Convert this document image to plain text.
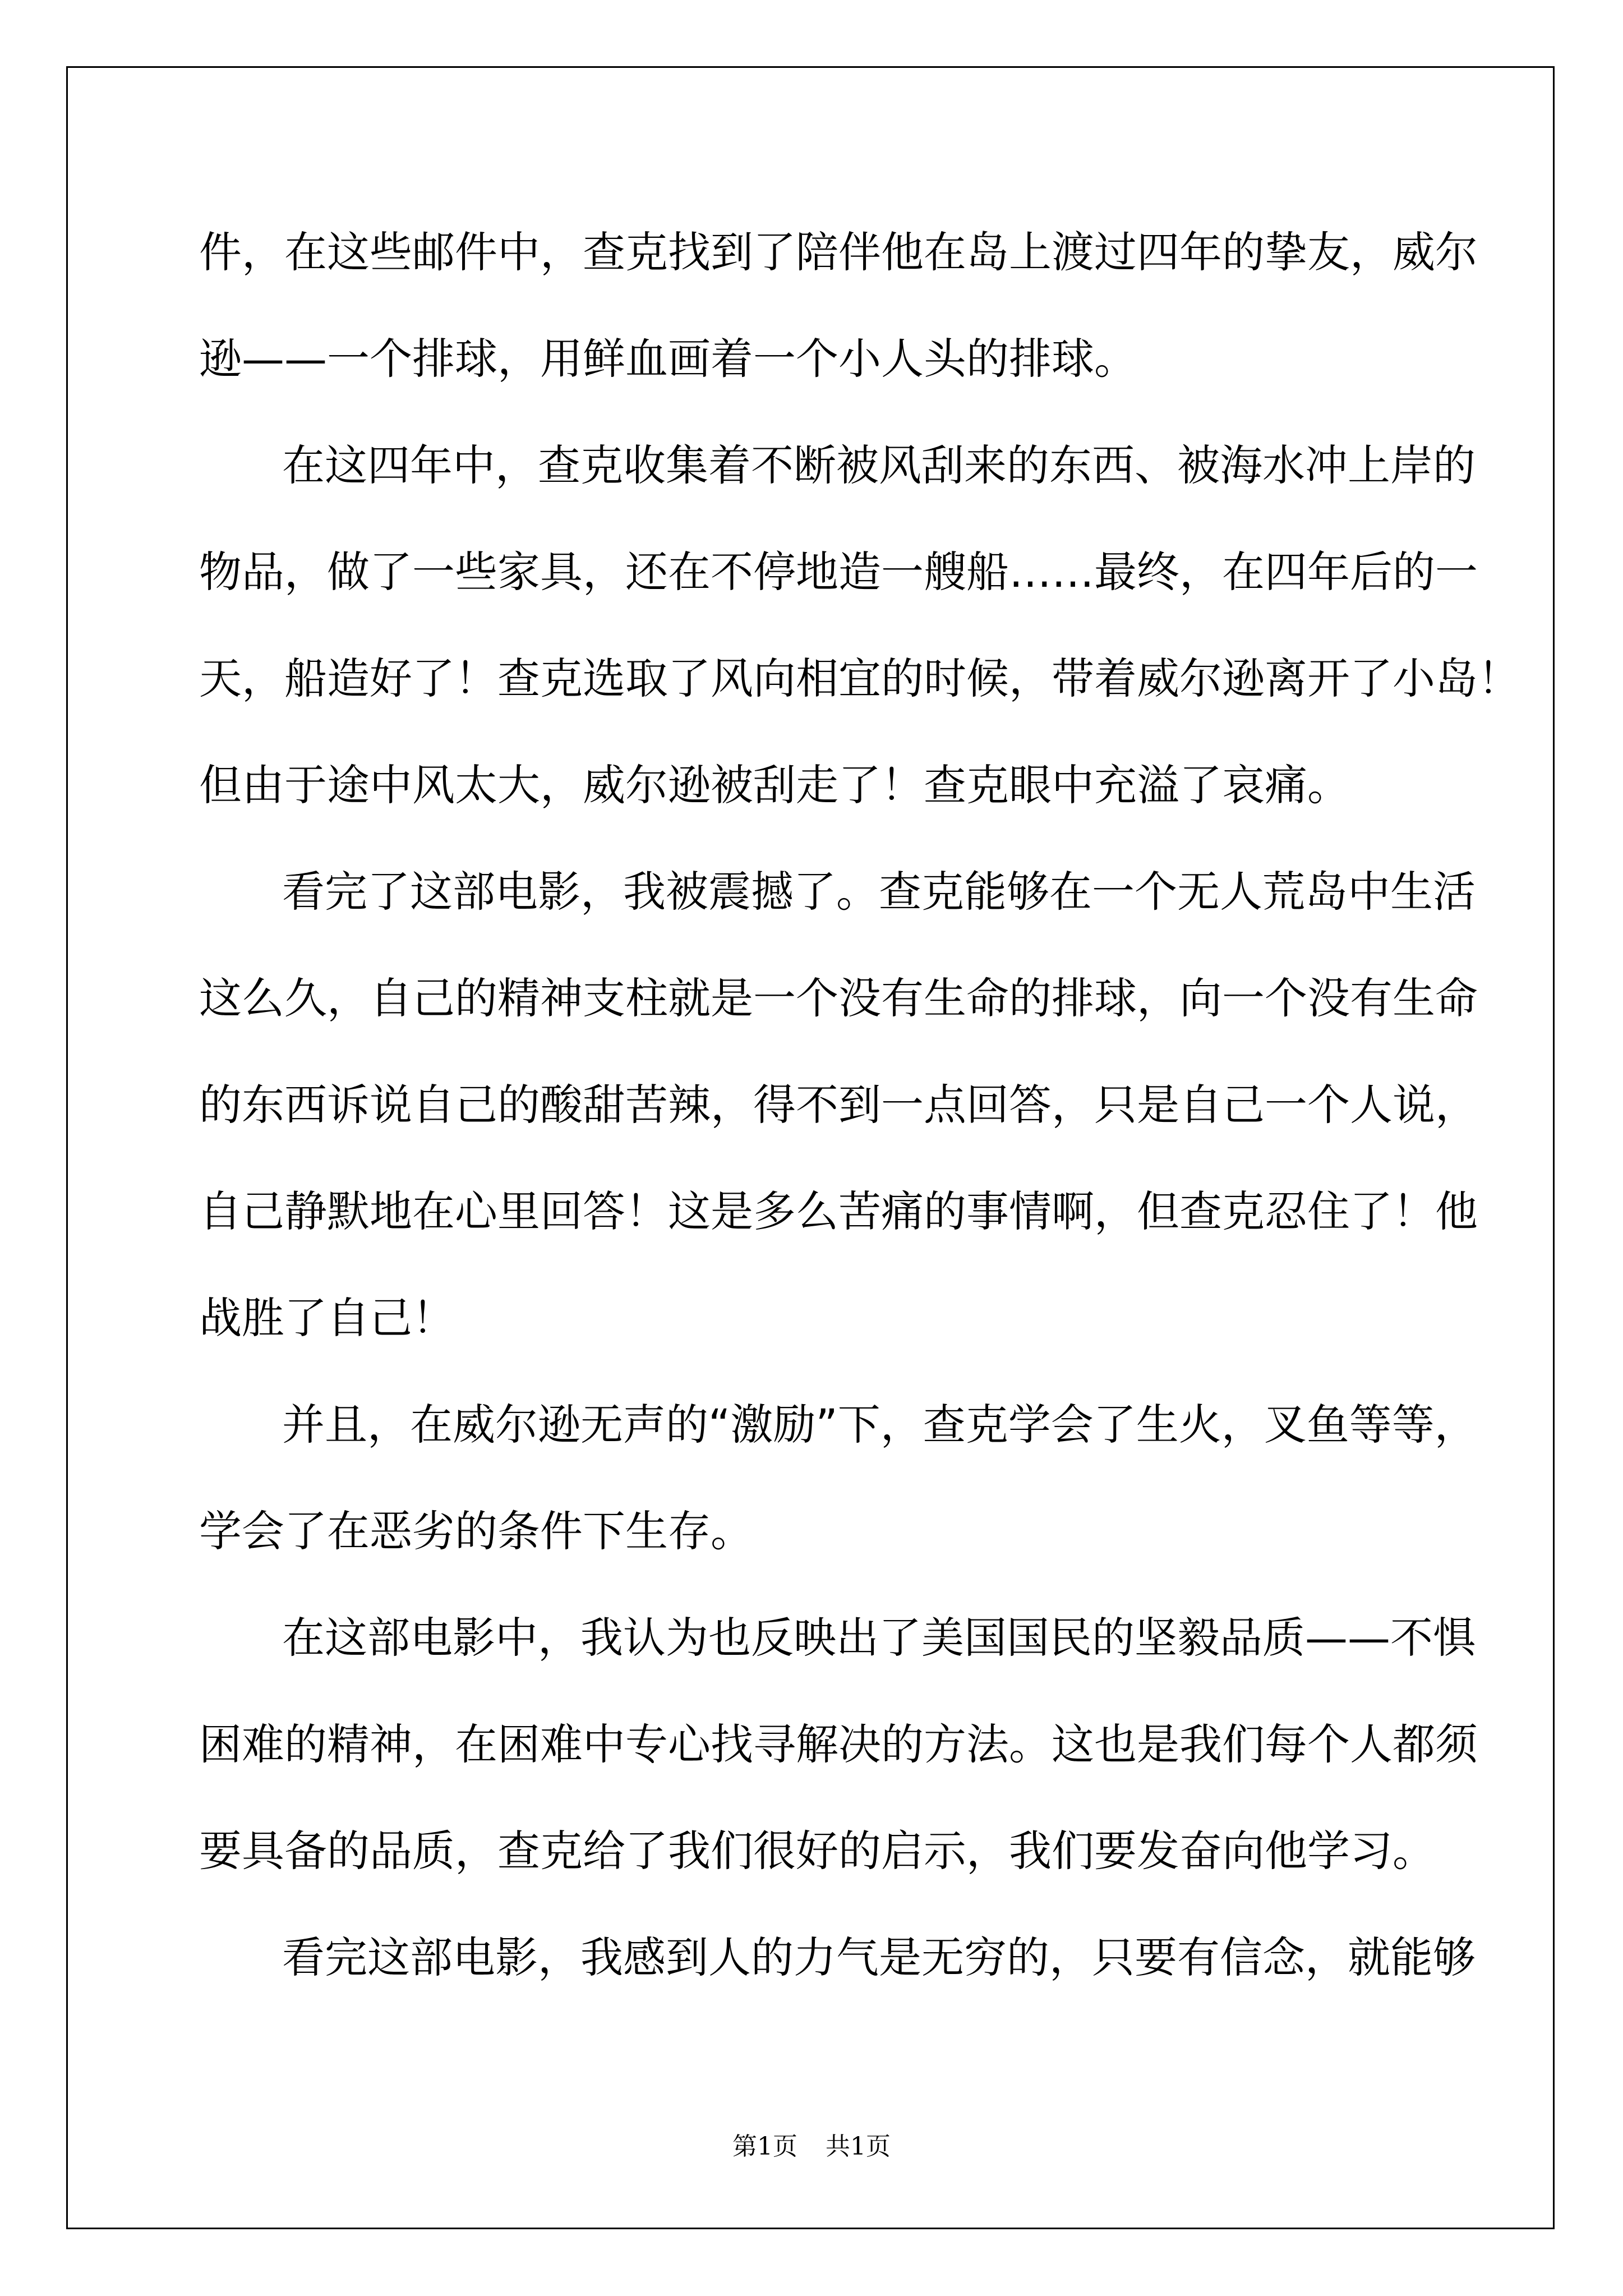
件，在这些邮件中，查克找到了陪伴他在岛上渡过四年的挚友，威尔
逊——一个排球，用鲜血画着一个小人头的排球。
在这四年中，查克收集着不断被风刮来的东西、被海水冲上岸的
物品，做了一些家具，还在不停地造一艘船……最终，在四年后的一
天，船造好了！查克选取了风向相宜的时候，带着威尔逊离开了小岛！
但由于途中风太大，威尔逊被刮走了！查克眼中充溢了哀痛。
看完了这部电影，我被震撼了。查克能够在一个无人荒岛中生活
这么久，自己的精神支柱就是一个没有生命的排球，向一个没有生命
的东西诉说自己的酸甜苦辣，得不到一点回答，只是自己一个人说，
自己静默地在心里回答！这是多么苦痛的事情啊，但查克忍住了！他
战胜了自己！
并且，在威尔逊无声的“激励”下，查克学会了生火，叉鱼等等，
学会了在恶劣的条件下生存。
在这部电影中，我认为也反映出了美国国民的坚毅品质——不惧
困难的精神，在困难中专心找寻解决的方法。这也是我们每个人都须
要具备的品质，查克给了我们很好的启示，我们要发奋向他学习。
看完这部电影，我感到人的力气是无穷的，只要有信念，就能够
第1页 共1页
